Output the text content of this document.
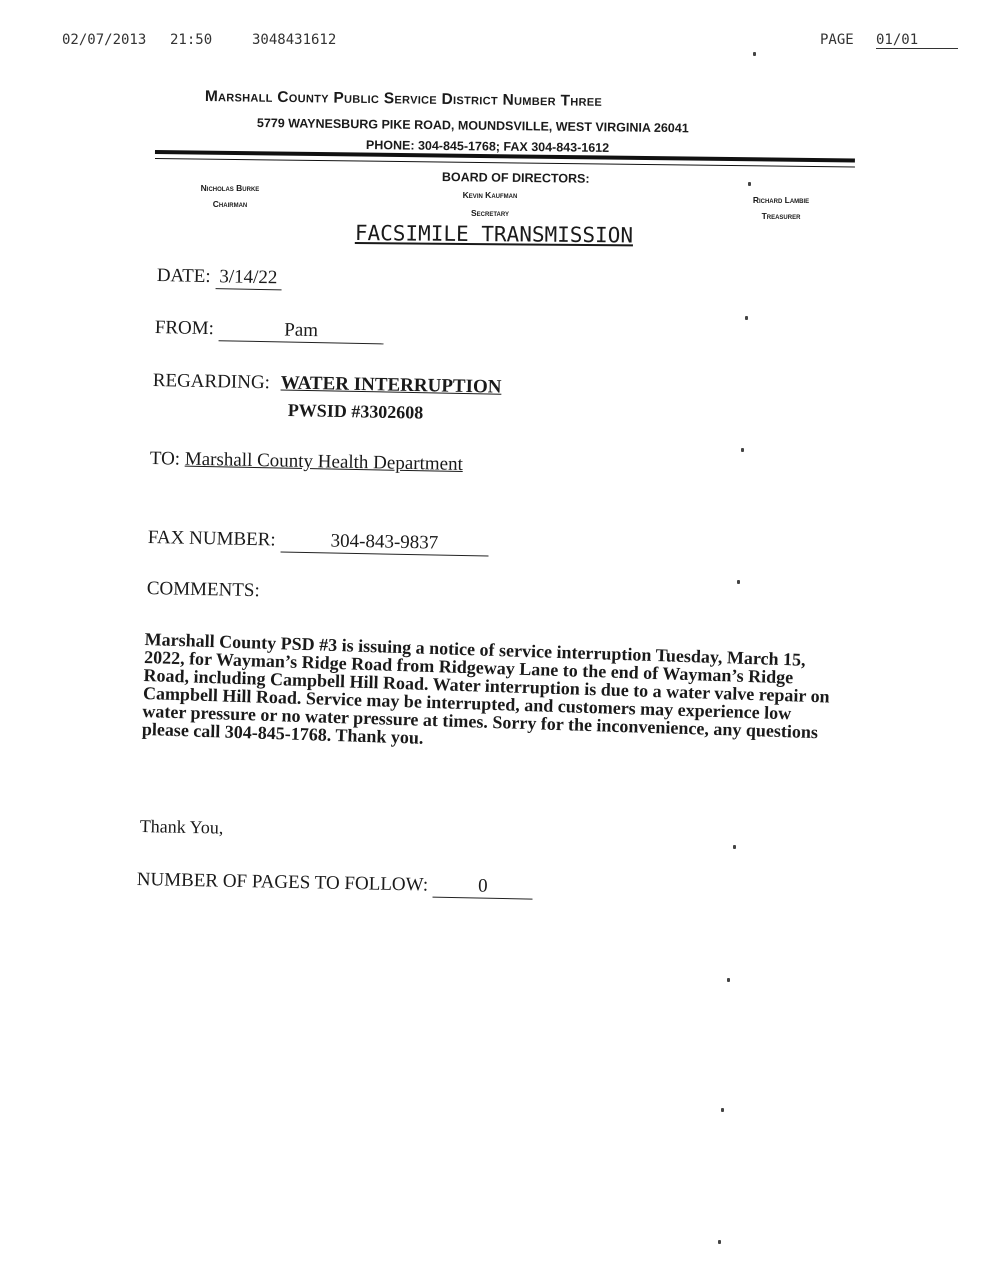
02/07/2013 21:50	3048431612	PAGE 01/01
Marshall County Public Service District Number Three
5779 WAYNESBURG PIKE ROAD, MOUNDSVILLE, WEST VIRGINIA 26041
PHONE: 304-845-1768; FAX 304-843-1612
BOARD OF DIRECTORS:
Nicholas Burke
Chairman
Kevin Kaufman
Secretary
Richard Lambie
Treasurer
FACSIMILE TRANSMISSION
DATE: 3/14/22
FROM:	Pam
REGARDING: WATER INTERRUPTION
PWSID #3302608
TO: Marshall County Health Department
FAX NUMBER:	304-843-9837
COMMENTS:
Marshall County PSD #3 is issuing a notice of service interruption Tuesday, March 15, 2022, for Wayman’s Ridge Road from Ridgeway Lane to the end of Wayman’s Ridge Road, including Campbell Hill Road. Water interruption is due to a water valve repair on Campbell Hill Road. Service may be interrupted, and customers may experience low water pressure or no water pressure at times. Sorry for the inconvenience, any questions please call 304-845-1768. Thank you.
Thank You,
NUMBER OF PAGES TO FOLLOW:	0
